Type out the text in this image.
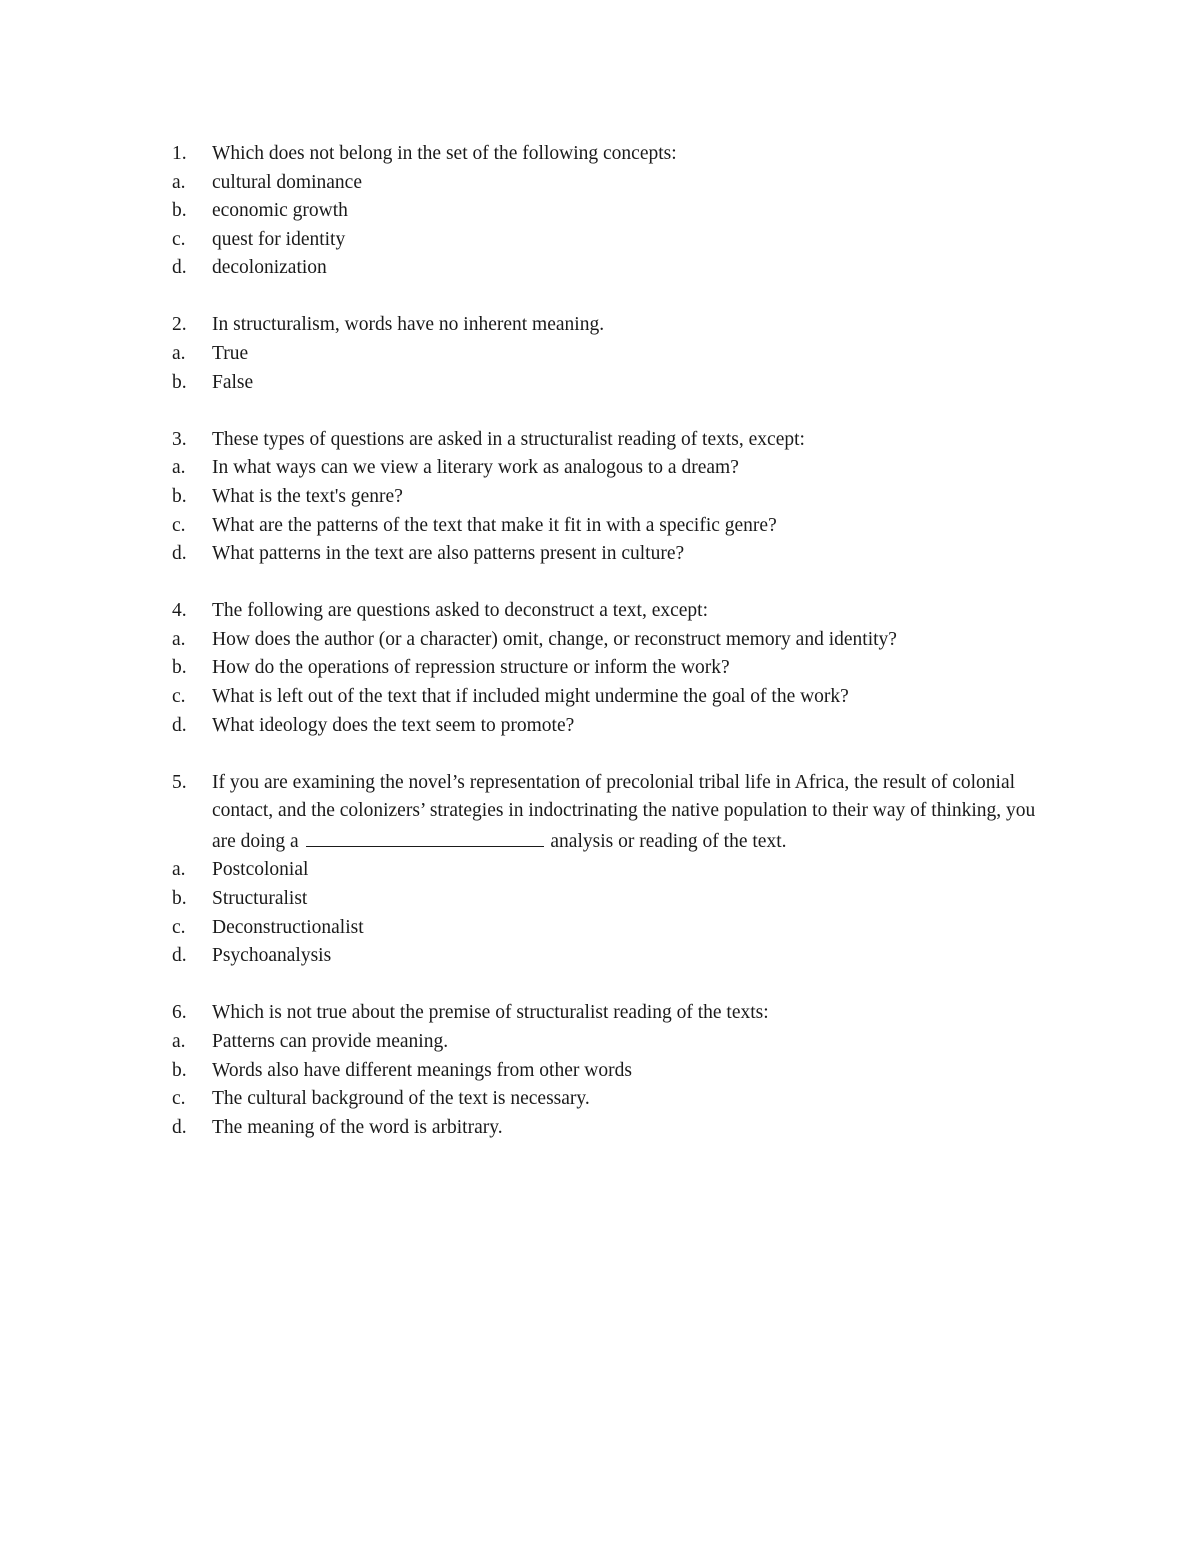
1.	Which does not belong in the set of the following concepts:
a.	cultural dominance
b.	economic growth
c.	quest for identity
d.	decolonization
2.	In structuralism, words have no inherent meaning.
a.	True
b.	False
3.	These types of questions are asked in a structuralist reading of texts, except:
a.	In what ways can we view a literary work as analogous to a dream?
b.	What is the text's genre?
c.	What are the patterns of the text that make it fit in with a specific genre?
d.	What patterns in the text are also patterns present in culture?
4.	The following are questions asked to deconstruct a text, except:
a.	How does the author (or a character) omit, change, or reconstruct memory and identity?
b.	How do the operations of repression structure or inform the work?
c.	What is left out of the text that if included might undermine the goal of the work?
d.	What ideology does the text seem to promote?
5.	If you are examining the novel’s representation of precolonial tribal life in Africa, the result of colonial contact, and the colonizers’ strategies in indoctrinating the native population to their way of thinking, you are doing a	analysis or reading of the text.
a.	Postcolonial
b.	Structuralist
c.	Deconstructionalist
d.	Psychoanalysis
6.	Which is not true about the premise of structuralist reading of the texts:
a.	Patterns can provide meaning.
b.	Words also have different meanings from other words
c.	The cultural background of the text is necessary.
d.	The meaning of the word is arbitrary.
